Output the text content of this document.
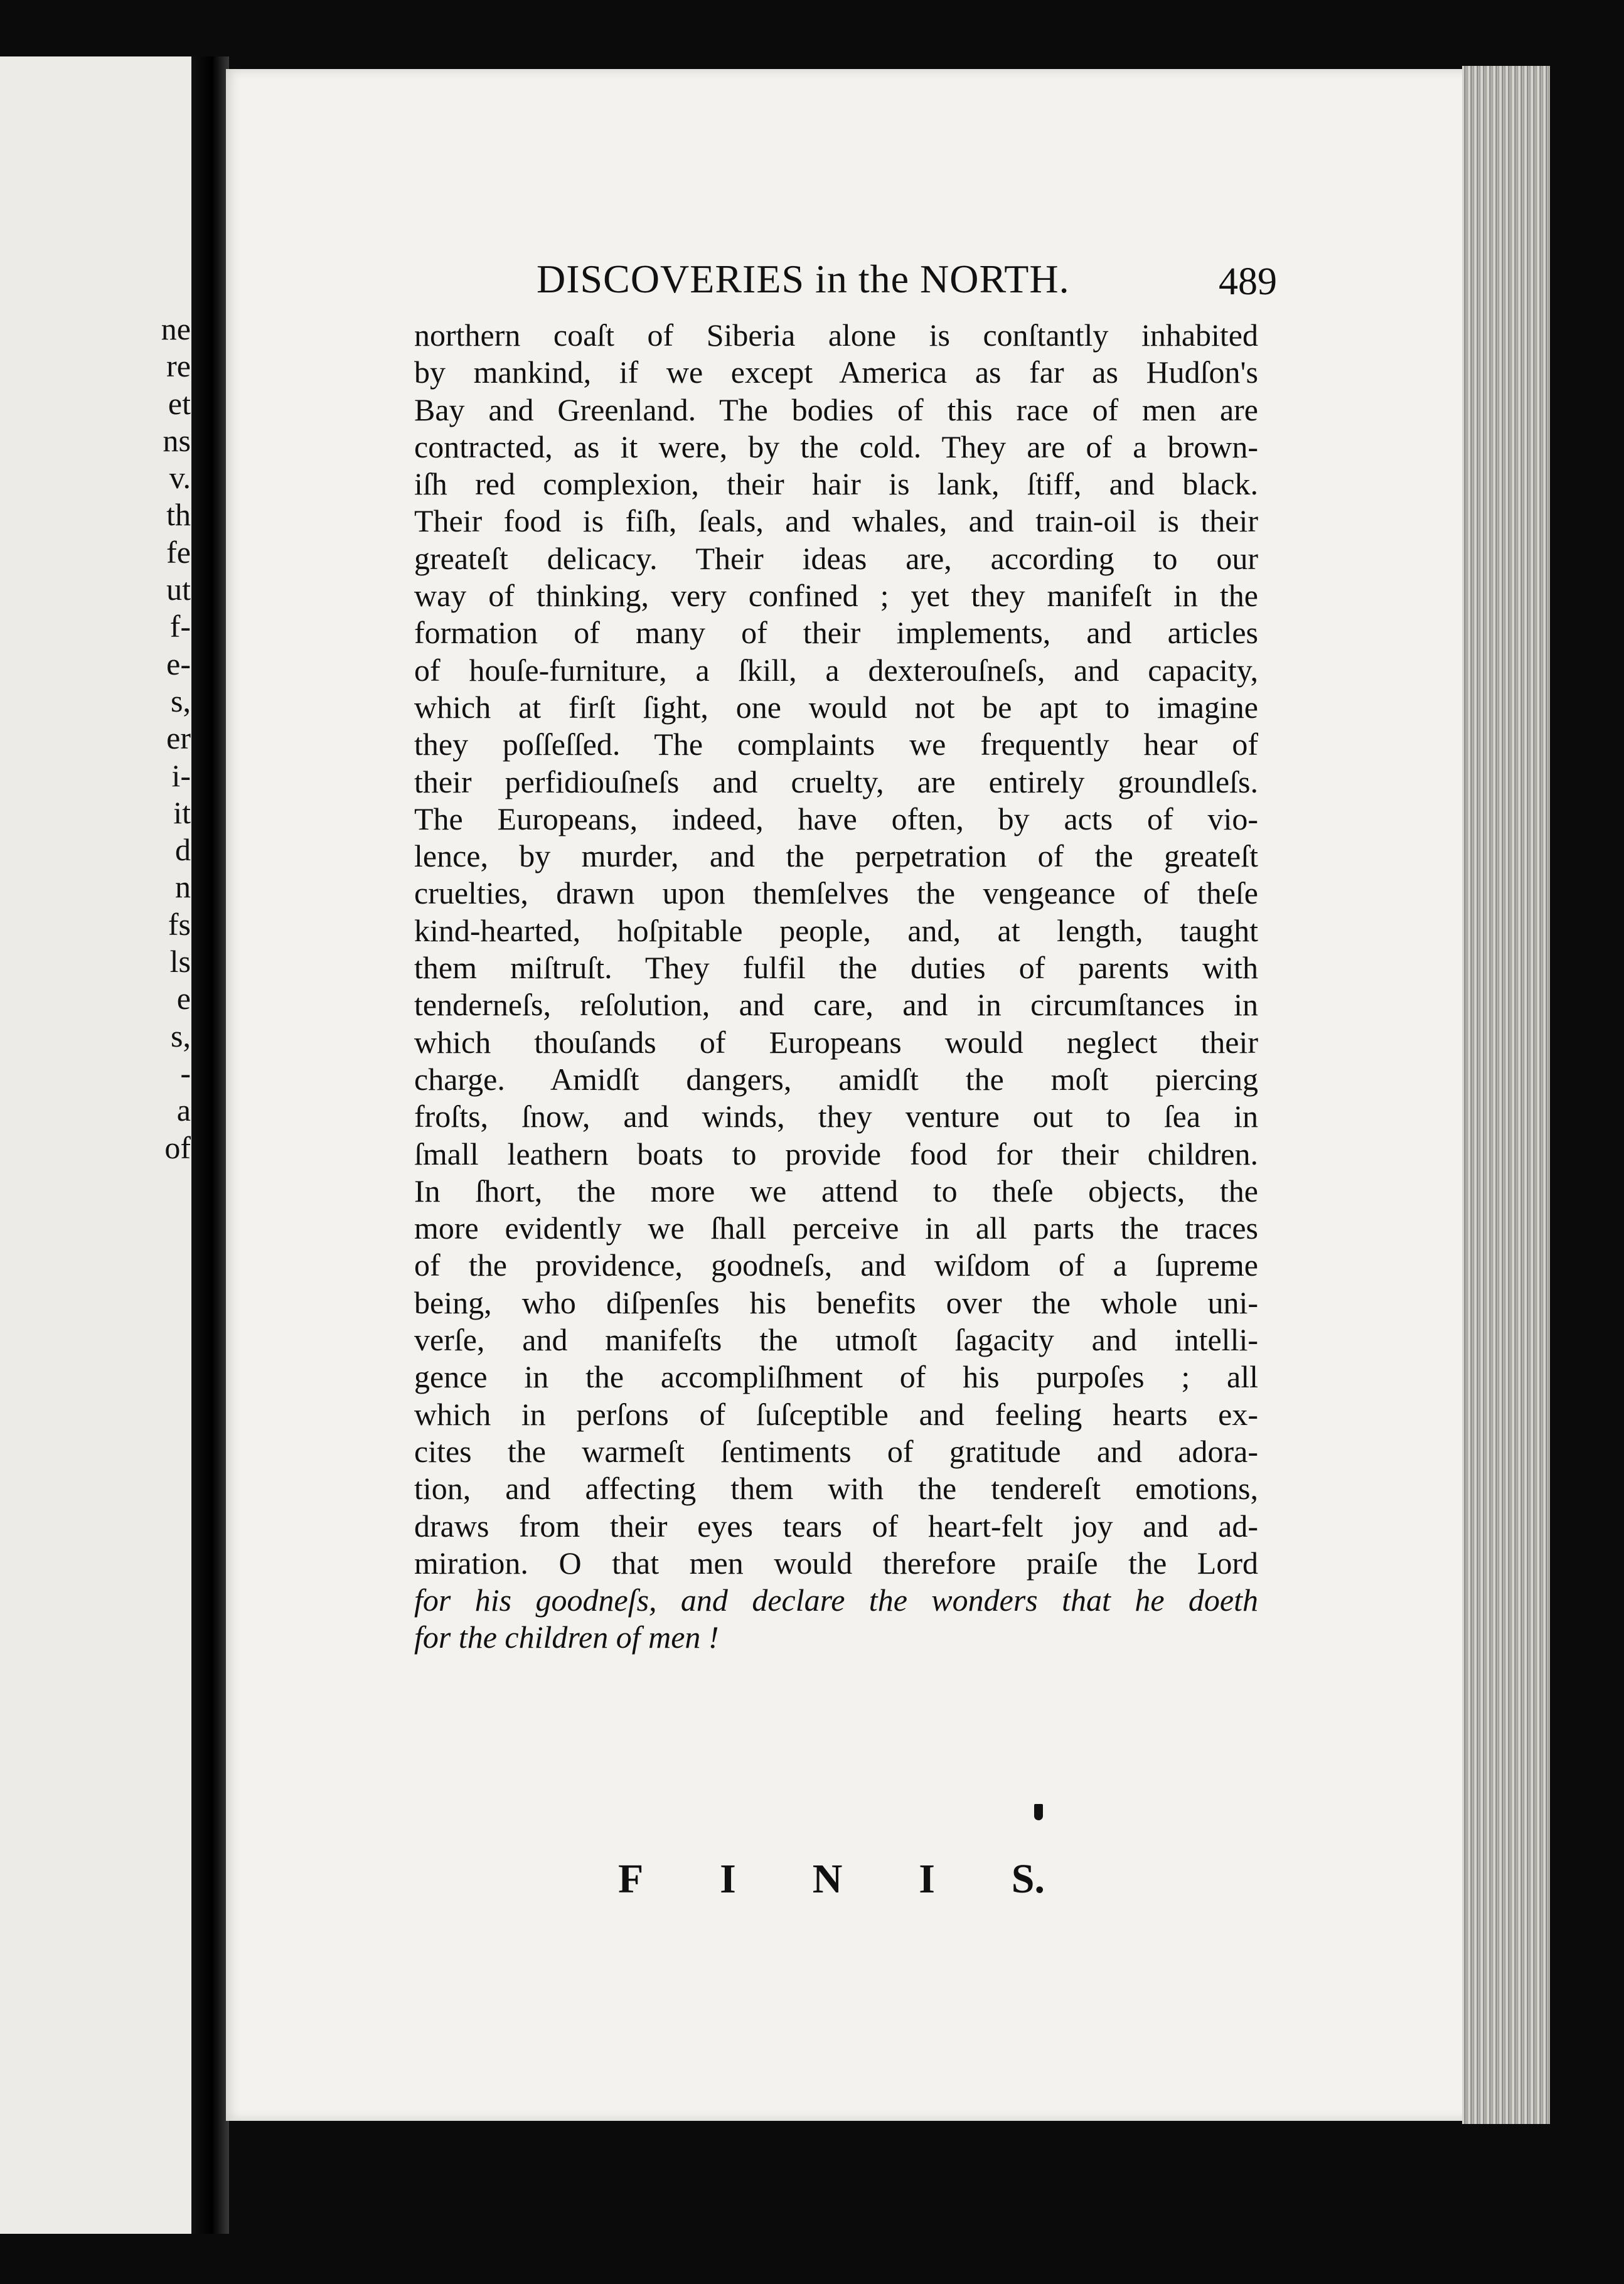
ne
re
et
ns
v.
th
fe
ut
f-
e-
s,
er
i-
it
d
n
fs
ls
e
s,
-
a
of
DISCOVERIES in the NORTH.	489
northern coaſt of Siberia alone is conſtantly inhabited
by mankind, if we except America as far as Hudſon's
Bay and Greenland. The bodies of this race of men are
contracted, as it were, by the cold. They are of a brown-
iſh red complexion, their hair is lank, ſtiff, and black.
Their food is fiſh, ſeals, and whales, and train-oil is their
greateſt delicacy. Their ideas are, according to our
way of thinking, very confined ; yet they manifeſt in the
formation of many of their implements, and articles
of houſe-furniture, a ſkill, a dexterouſneſs, and capacity,
which at firſt ſight, one would not be apt to imagine
they poſſeſſed. The complaints we frequently hear of
their perfidiouſneſs and cruelty, are entirely groundleſs.
The Europeans, indeed, have often, by acts of vio-
lence, by murder, and the perpetration of the greateſt
cruelties, drawn upon themſelves the vengeance of theſe
kind-hearted, hoſpitable people, and, at length, taught
them miſtruſt. They fulfil the duties of parents with
tenderneſs, reſolution, and care, and in circumſtances in
which thouſands of Europeans would neglect their
charge. Amidſt dangers, amidſt the moſt piercing
froſts, ſnow, and winds, they venture out to ſea in
ſmall leathern boats to provide food for their children.
In ſhort, the more we attend to theſe objects, the
more evidently we ſhall perceive in all parts the traces
of the providence, goodneſs, and wiſdom of a ſupreme
being, who diſpenſes his benefits over the whole uni-
verſe, and manifeſts the utmoſt ſagacity and intelli-
gence in the accompliſhment of his purpoſes ; all
which in perſons of ſuſceptible and feeling hearts ex-
cites the warmeſt ſentiments of gratitude and adora-
tion, and affecting them with the tendereſt emotions,
draws from their eyes tears of heart-felt joy and ad-
miration. O that men would therefore praiſe the Lord
for his goodneſs, and declare the wonders that he doeth
for the children of men !
F I N I S.
